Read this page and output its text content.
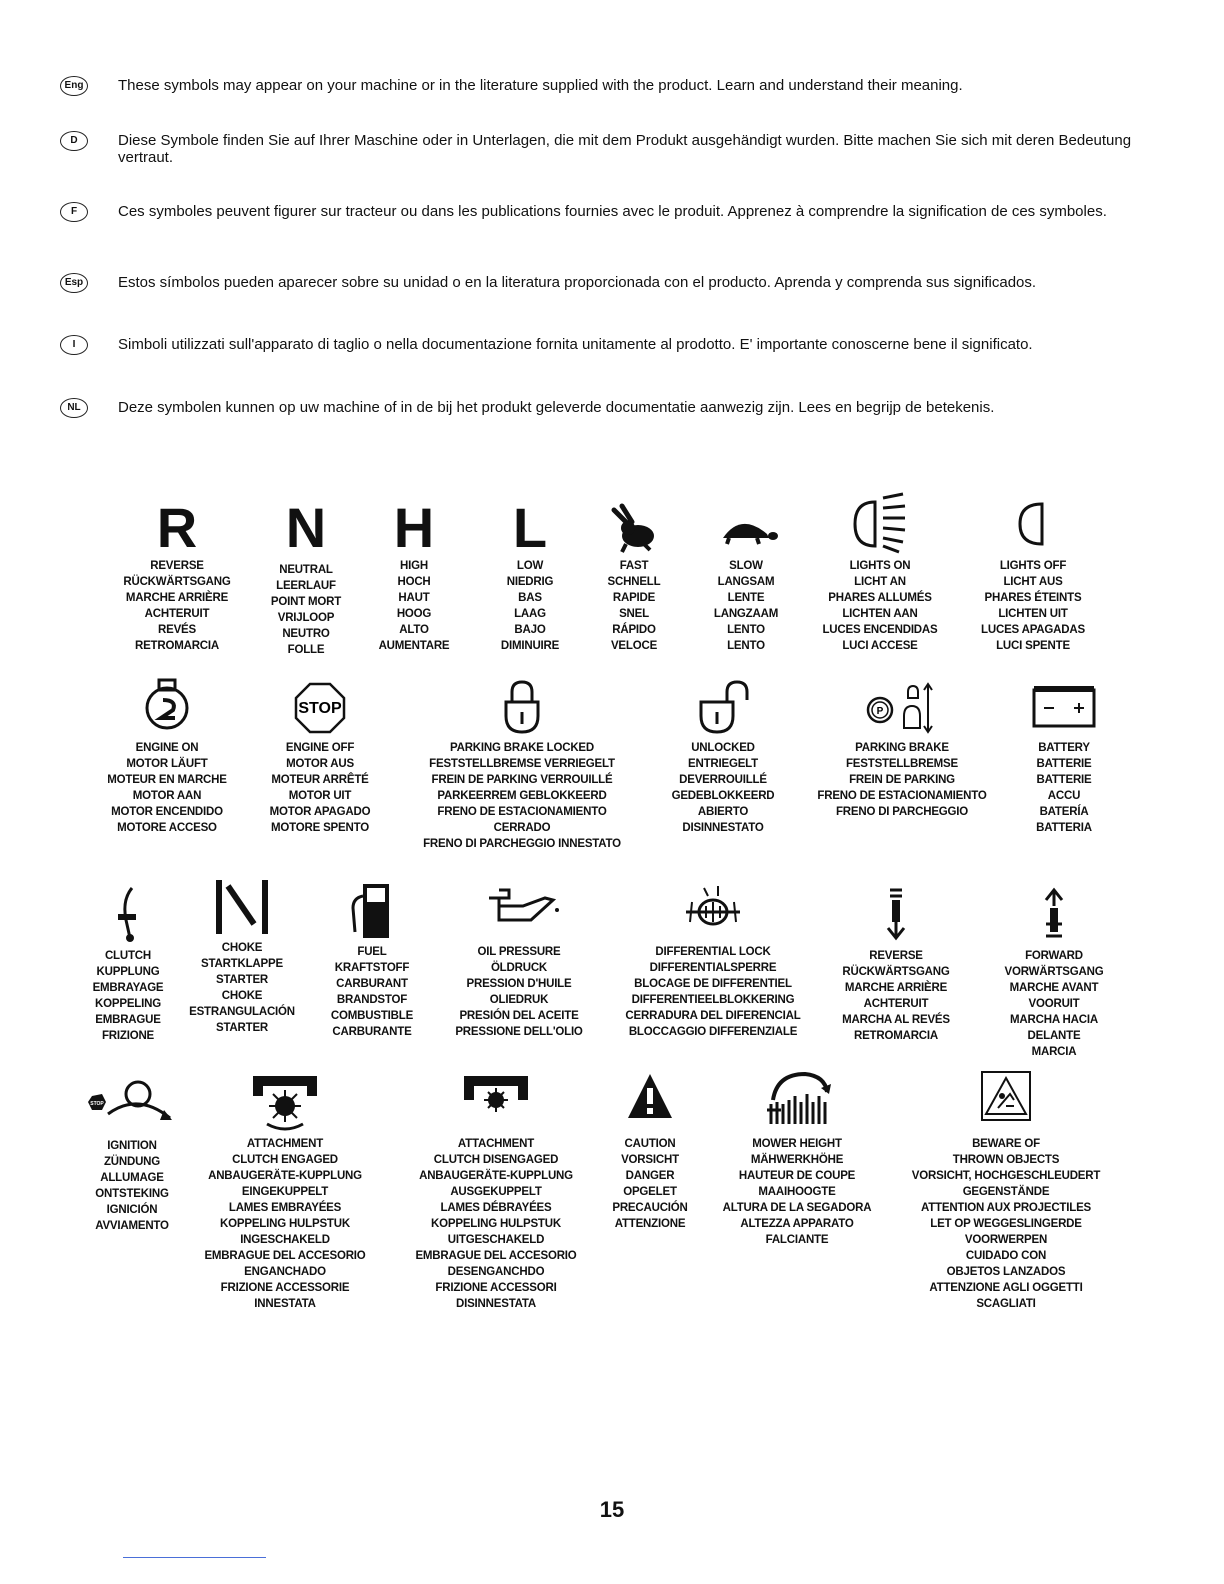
Eng	These symbols may appear on your machine or in the literature supplied with the product. Learn and understand their meaning.
D	Diese Symbole finden Sie auf Ihrer Maschine oder in Unterlagen, die mit dem Produkt ausgehändigt wurden. Bitte machen Sie sich mit deren Bedeutung vertraut.
F	Ces symboles peuvent figurer sur tracteur ou dans les publications fournies avec le produit. Apprenez à comprendre la signification de ces symboles.
Esp	Estos símbolos pueden aparecer sobre su unidad o en la literatura proporcionada con el producto. Aprenda y comprenda sus significados.
I	Simboli utilizzati sull'apparato di taglio o nella documentazione fornita unitamente al prodotto. E' importante conoscerne bene il significato.
NL	Deze symbolen kunnen op uw machine of in de bij het produkt geleverde documentatie aanwezig zijn. Lees en begrijp de betekenis.
R
REVERSE
RÜCKWÄRTSGANG
MARCHE ARRIÈRE
ACHTERUIT
REVÉS
RETROMARCIA
N
NEUTRAL
LEERLAUF
POINT MORT
VRIJLOOP
NEUTRO
FOLLE
H
HIGH
HOCH
HAUT
HOOG
ALTO
AUMENTARE
L
LOW
NIEDRIG
BAS
LAAG
BAJO
DIMINUIRE
FAST
SCHNELL
RAPIDE
SNEL
RÁPIDO
VELOCE
SLOW
LANGSAM
LENTE
LANGZAAM
LENTO
LENTO
LIGHTS ON
LICHT AN
PHARES ALLUMÉS
LICHTEN AAN
LUCES ENCENDIDAS
LUCI ACCESE
LIGHTS OFF
LICHT AUS
PHARES ÉTEINTS
LICHTEN UIT
LUCES APAGADAS
LUCI SPENTE
ENGINE ON
MOTOR LÄUFT
MOTEUR EN MARCHE
MOTOR AAN
MOTOR ENCENDIDO
MOTORE ACCESO
STOP
ENGINE OFF
MOTOR AUS
MOTEUR ARRÊTÉ
MOTOR UIT
MOTOR APAGADO
MOTORE SPENTO
PARKING BRAKE LOCKED
FESTSTELLBREMSE VERRIEGELT
FREIN DE PARKING VERROUILLÉ
PARKEERREM GEBLOKKEERD
FRENO DE ESTACIONAMIENTO
CERRADO
FRENO DI PARCHEGGIO INNESTATO
UNLOCKED
ENTRIEGELT
DEVERROUILLÉ
GEDEBLOKKEERD
ABIERTO
DISINNESTATO
P
PARKING BRAKE
FESTSTELLBREMSE
FREIN DE PARKING
FRENO DE ESTACIONAMIENTO
FRENO DI PARCHEGGIO
BATTERY
BATTERIE
BATTERIE
ACCU
BATERÍA
BATTERIA
CLUTCH
KUPPLUNG
EMBRAYAGE
KOPPELING
EMBRAGUE
FRIZIONE
CHOKE
STARTKLAPPE
STARTER
CHOKE
ESTRANGULACIÓN
STARTER
FUEL
KRAFTSTOFF
CARBURANT
BRANDSTOF
COMBUSTIBLE
CARBURANTE
OIL PRESSURE
ÖLDRUCK
PRESSION D'HUILE
OLIEDRUK
PRESIÓN DEL ACEITE
PRESSIONE DELL'OLIO
DIFFERENTIAL LOCK
DIFFERENTIALSPERRE
BLOCAGE DE DIFFERENTIEL
DIFFERENTIEELBLOKKERING
CERRADURA DEL DIFERENCIAL
BLOCCAGGIO DIFFERENZIALE
REVERSE
RÜCKWÄRTSGANG
MARCHE ARRIÈRE
ACHTERUIT
MARCHA AL REVÉS
RETROMARCIA
FORWARD
VORWÄRTSGANG
MARCHE AVANT
VOORUIT
MARCHA HACIA
DELANTE
MARCIA
STOP
IGNITION
ZÜNDUNG
ALLUMAGE
ONTSTEKING
IGNICIÓN
AVVIAMENTO
ATTACHMENT
CLUTCH ENGAGED
ANBAUGERÄTE-KUPPLUNG
EINGEKUPPELT
LAMES EMBRAYÉES
KOPPELING HULPSTUK
INGESCHAKELD
EMBRAGUE DEL ACCESORIO
ENGANCHADO
FRIZIONE ACCESSORIE
INNESTATA
ATTACHMENT
CLUTCH DISENGAGED
ANBAUGERÄTE-KUPPLUNG
AUSGEKUPPELT
LAMES DÉBRAYÉES
KOPPELING HULPSTUK
UITGESCHAKELD
EMBRAGUE DEL ACCESORIO
DESENGANCHDO
FRIZIONE ACCESSORI
DISINNESTATA
CAUTION
VORSICHT
DANGER
OPGELET
PRECAUCIÓN
ATTENZIONE
MOWER HEIGHT
MÄHWERKHÖHE
HAUTEUR DE COUPE
MAAIHOOGTE
ALTURA DE LA SEGADORA
ALTEZZA APPARATO
FALCIANTE
BEWARE OF
THROWN OBJECTS
VORSICHT, HOCHGESCHLEUDERT
GEGENSTÄNDE
ATTENTION AUX PROJECTILES
LET OP WEGGESLINGERDE
VOORWERPEN
CUIDADO CON
OBJETOS LANZADOS
ATTENZIONE AGLI OGGETTI
SCAGLIATI
15
